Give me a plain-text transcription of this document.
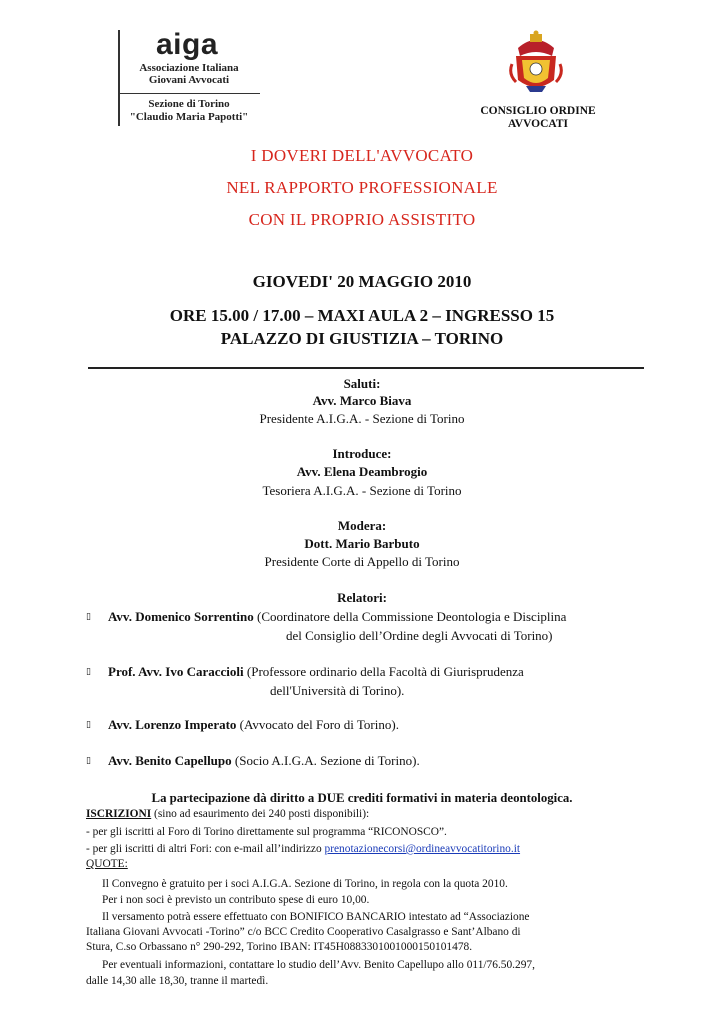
aiga
Associazione Italiana
Giovani Avvocati
Sezione di Torino
"Claudio Maria Papotti"	CONSIGLIO ORDINE
AVVOCATI
I DOVERI DELL'AVVOCATO
NEL RAPPORTO PROFESSIONALE
CON IL PROPRIO ASSISTITO
GIOVEDI' 20 MAGGIO 2010
ORE 15.00 / 17.00 – MAXI AULA 2 – INGRESSO 15
PALAZZO DI GIUSTIZIA – TORINO
Saluti:
Avv. Marco Biava
Presidente A.I.G.A. - Sezione di Torino
Introduce:
Avv. Elena Deambrogio
Tesoriera A.I.G.A. - Sezione di Torino
Modera:
Dott. Mario Barbuto
Presidente Corte di Appello di Torino
Relatori:
▯ Avv. Domenico Sorrentino (Coordinatore della Commissione Deontologia e Disciplina
del Consiglio dell’Ordine degli Avvocati di Torino)
▯ Prof. Avv. Ivo Caraccioli (Professore ordinario della Facoltà di Giurisprudenza
dell'Università di Torino).
▯ Avv. Lorenzo Imperato (Avvocato del Foro di Torino).
▯ Avv. Benito Capellupo (Socio A.I.G.A. Sezione di Torino).
La partecipazione dà diritto a DUE crediti formativi in materia deontologica.
ISCRIZIONI (sino ad esaurimento dei 240 posti disponibili):
- per gli iscritti al Foro di Torino direttamente sul programma “RICONOSCO”.
- per gli iscritti di altri Fori: con e-mail all’indirizzo prenotazionecorsi@ordineavvocatitorino.it
QUOTE:
Il Convegno è gratuito per i soci A.I.G.A. Sezione di Torino, in regola con la quota 2010.
Per i non soci è previsto un contributo spese di euro 10,00.
Il versamento potrà essere effettuato con BONIFICO BANCARIO intestato ad “Associazione
Italiana Giovani Avvocati -Torino” c/o BCC Credito Cooperativo Casalgrasso e Sant’Albano di
Stura, C.so Orbassano n° 290-292, Torino IBAN: IT45H0883301001000150101478.
Per eventuali informazioni, contattare lo studio dell’Avv. Benito Capellupo allo 011/76.50.297,
dalle 14,30 alle 18,30, tranne il martedì.
